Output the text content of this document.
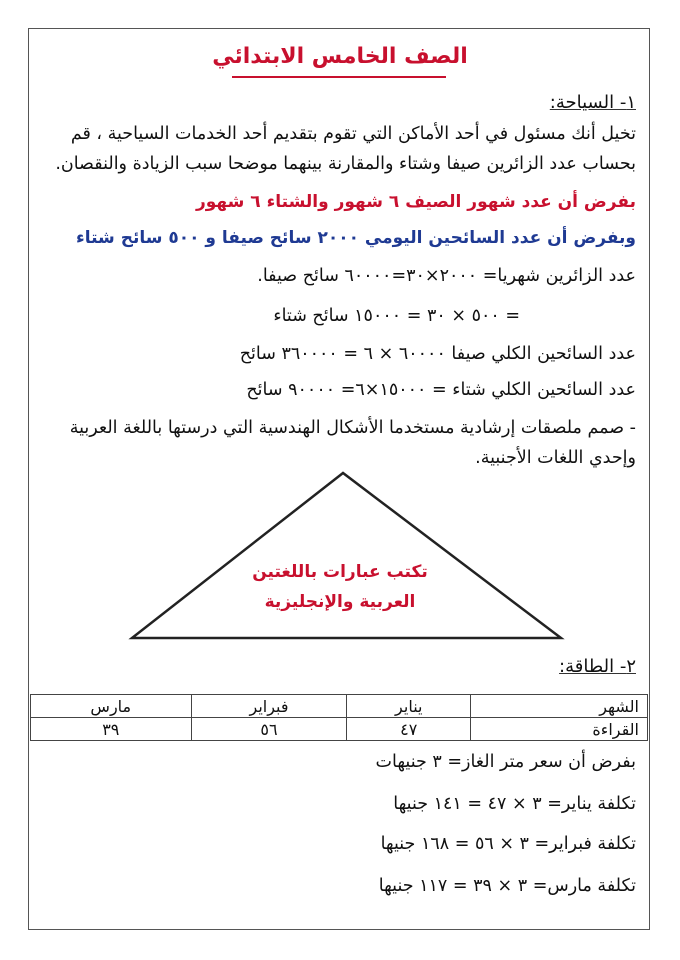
الصف الخامس الابتدائي
١- السياحة:
تخيل أنك مسئول في أحد الأماكن التي تقوم بتقديم أحد الخدمات السياحية ، قم
بحساب عدد الزائرين صيفا وشتاء والمقارنة بينهما موضحا سبب الزيادة والنقصان.
بفرض أن عدد شهور الصيف ٦ شهور والشتاء ٦ شهور
وبفرض أن عدد السائحين اليومي ٢٠٠٠ سائح صيفا و ٥٠٠ سائح شتاء
عدد الزائرين شهريا= ٢٠٠٠×٣٠=٦٠٠٠٠ سائح صيفا.
= ٥٠٠ × ٣٠ = ١٥٠٠٠ سائح شتاء
عدد السائحين الكلي صيفا ٦٠٠٠٠ × ٦ = ٣٦٠٠٠٠ سائح
عدد السائحين الكلي شتاء = ١٥٠٠٠×٦= ٩٠٠٠٠ سائح
- صمم ملصقات إرشادية مستخدما الأشكال الهندسية التي درستها باللغة العربية
وإحدي اللغات الأجنبية.
تكتب عبارات باللغتين
العربية والإنجليزية
٢- الطاقة:
الشهر	يناير	فبراير	مارس
القراءة	٤٧	٥٦	٣٩
بفرض أن سعر متر الغاز= ٣ جنيهات
تكلفة يناير= ٣ × ٤٧ = ١٤١ جنيها
تكلفة فبراير= ٣ × ٥٦ = ١٦٨ جنيها
تكلفة مارس= ٣ × ٣٩ = ١١٧ جنيها
